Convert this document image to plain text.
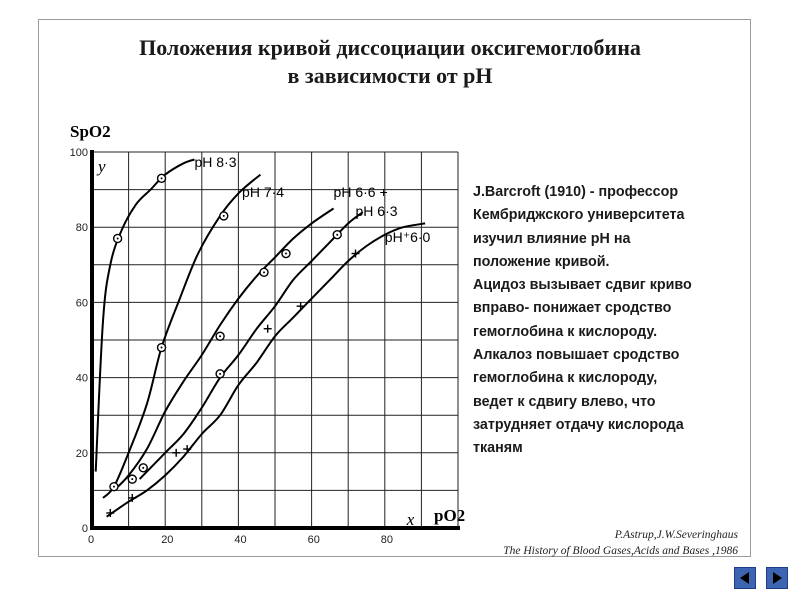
Положения кривой диссоциации оксигемоглобина
в зависимости от pH
SpO2
pO2
0	20	40	60	80
0
20
40
60
80
100
y
x
pH 8·3
pH 7·4	pH 6·6 +
pH 6·3
pH⁺6·0
J.Barcroft (1910) - профессор
Кембриджского университета
изучил влияние pH на
положение кривой.
Ацидоз вызывает сдвиг криво
вправо- понижает сродство
гемоглобина к кислороду.
Алкалоз повышает сродство
гемоглобина к кислороду,
ведет к сдвигу влево, что
затрудняет отдачу кислорода
тканям
P.Astrup,J.W.Severinghaus
The History of Blood Gases,Acids and Bases ,1986
